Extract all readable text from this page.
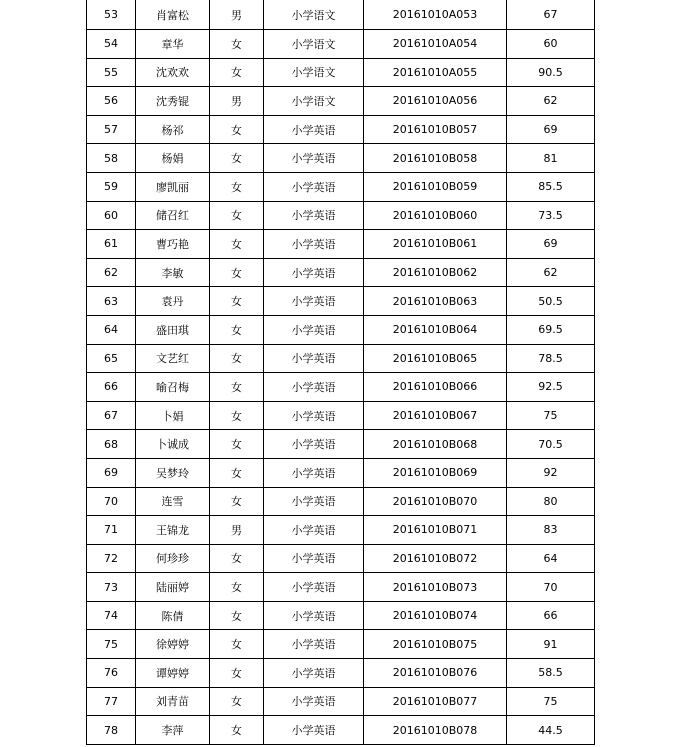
53	肖富松	男	小学语文	20161010A053	67
54	章华	女	小学语文	20161010A054	60
55	沈欢欢	女	小学语文	20161010A055	90.5
56	沈秀锟	男	小学语文	20161010A056	62
57	杨祁	女	小学英语	20161010B057	69
58	杨娟	女	小学英语	20161010B058	81
59	廖凯丽	女	小学英语	20161010B059	85.5
60	储召红	女	小学英语	20161010B060	73.5
61	曹巧艳	女	小学英语	20161010B061	69
62	李敏	女	小学英语	20161010B062	62
63	袁丹	女	小学英语	20161010B063	50.5
64	盛田琪	女	小学英语	20161010B064	69.5
65	文艺红	女	小学英语	20161010B065	78.5
66	喻召梅	女	小学英语	20161010B066	92.5
67	卜娟	女	小学英语	20161010B067	75
68	卜诚成	女	小学英语	20161010B068	70.5
69	吴梦玲	女	小学英语	20161010B069	92
70	连雪	女	小学英语	20161010B070	80
71	王锦龙	男	小学英语	20161010B071	83
72	何珍珍	女	小学英语	20161010B072	64
73	陆丽婷	女	小学英语	20161010B073	70
74	陈倩	女	小学英语	20161010B074	66
75	徐婷婷	女	小学英语	20161010B075	91
76	谭婷婷	女	小学英语	20161010B076	58.5
77	刘青苗	女	小学英语	20161010B077	75
78	李萍	女	小学英语	20161010B078	44.5
